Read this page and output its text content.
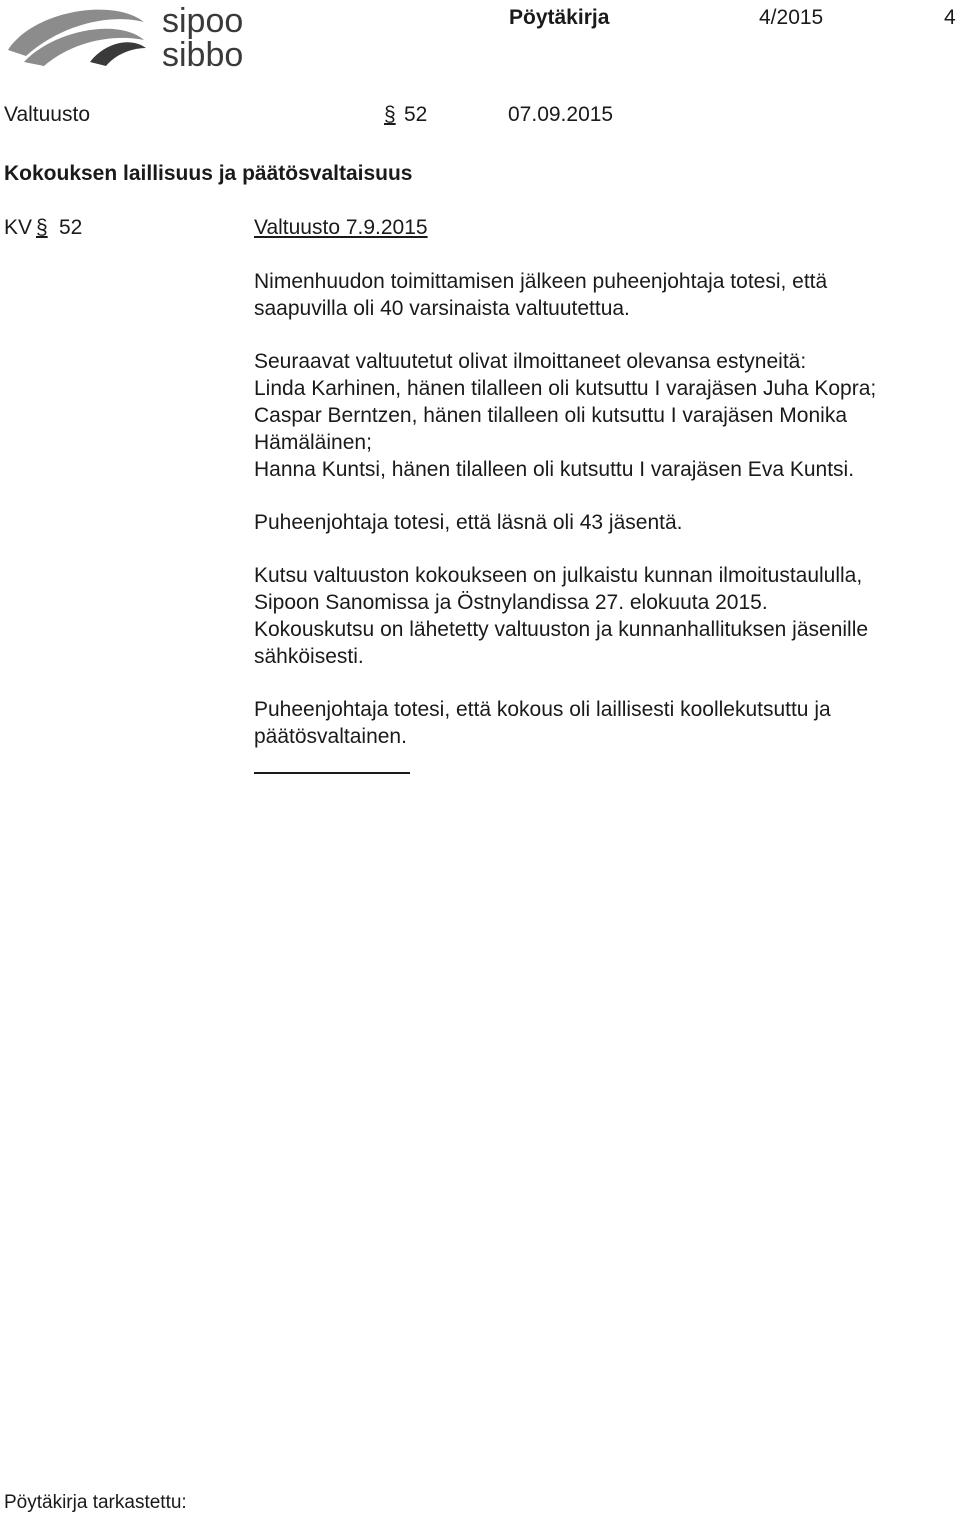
sipoo
sibbo
Pöytäkirja	4/2015	4
Valtuusto	§ 52	07.09.2015
Kokouksen laillisuus ja päätösvaltaisuus
KV § 52	Valtuusto 7.9.2015

Nimenhuudon toimittamisen jälkeen puheenjohtaja totesi, että

saapuvilla oli 40 varsinaista valtuutettua.

Seuraavat valtuutetut olivat ilmoittaneet olevansa estyneitä:

Linda Karhinen, hänen tilalleen oli kutsuttu I varajäsen Juha Kopra;

Caspar Berntzen, hänen tilalleen oli kutsuttu I varajäsen Monika

Hämäläinen;

Hanna Kuntsi, hänen tilalleen oli kutsuttu I varajäsen Eva Kuntsi.

Puheenjohtaja totesi, että läsnä oli 43 jäsentä.

Kutsu valtuuston kokoukseen on julkaistu kunnan ilmoitustaululla,

Sipoon Sanomissa ja Östnylandissa 27. elokuuta 2015.

Kokouskutsu on lähetetty valtuuston ja kunnanhallituksen jäsenille

sähköisesti.

Puheenjohtaja totesi, että kokous oli laillisesti koollekutsuttu ja

päätösvaltainen.

Pöytäkirja tarkastettu:
